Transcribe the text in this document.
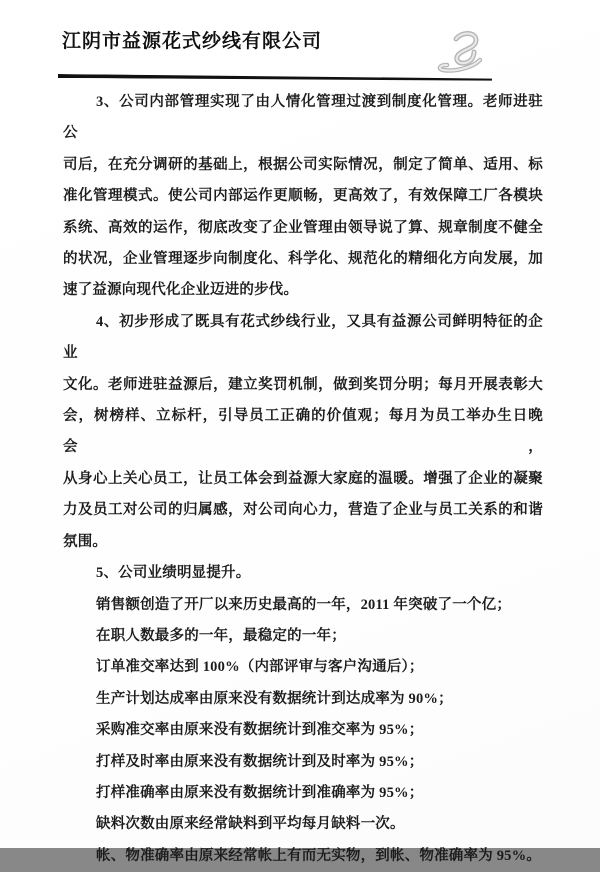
江阴市益源花式纱线有限公司
3、公司内部管理实现了由人情化管理过渡到制度化管理。老师进驻公
司后，在充分调研的基础上，根据公司实际情况，制定了简单、适用、标
准化管理模式。使公司内部运作更顺畅，更高效了，有效保障工厂各模块
系统、高效的运作，彻底改变了企业管理由领导说了算、规章制度不健全
的状况，企业管理逐步向制度化、科学化、规范化的精细化方向发展，加
速了益源向现代化企业迈进的步伐。
4、初步形成了既具有花式纱线行业，又具有益源公司鲜明特征的企业
文化。老师进驻益源后，建立奖罚机制，做到奖罚分明；每月开展表彰大
会，树榜样、立标杆，引导员工正确的价值观；每月为员工举办生日晚会，
从身心上关心员工，让员工体会到益源大家庭的温暖。增强了企业的凝聚
力及员工对公司的归属感，对公司向心力，营造了企业与员工关系的和谐
氛围。
5、公司业绩明显提升。
销售额创造了开厂以来历史最高的一年，2011 年突破了一个亿；
在职人数最多的一年，最稳定的一年；
订单准交率达到 100%（内部评审与客户沟通后）；
生产计划达成率由原来没有数据统计到达成率为 90%；
采购准交率由原来没有数据统计到准交率为 95%；
打样及时率由原来没有数据统计到及时率为 95%；
打样准确率由原来没有数据统计到准确率为 95%；
缺料次数由原来经常缺料到平均每月缺料一次。
帐、物准确率由原来经常帐上有而无实物，到帐、物准确率为 95%。
